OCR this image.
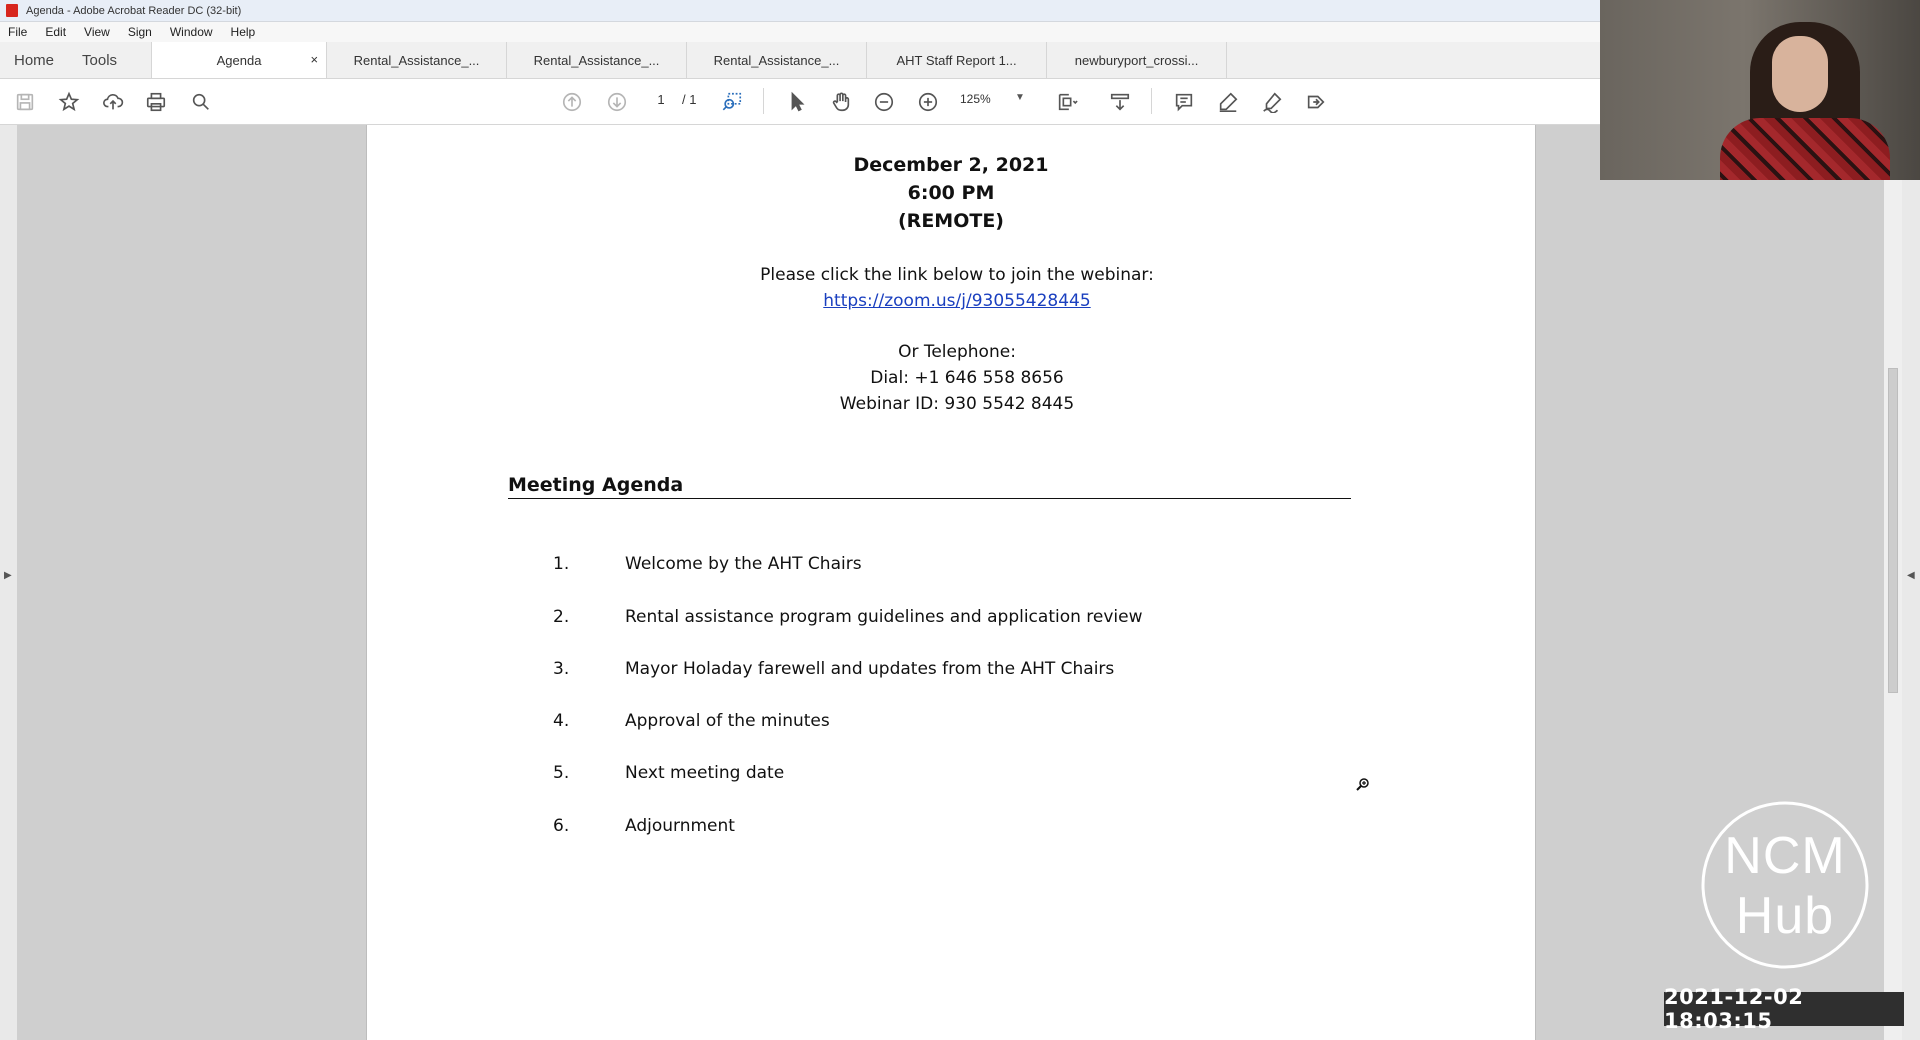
Agenda - Adobe Acrobat Reader DC (32-bit)
File Edit View Sign Window Help
Home	Tools	Agenda	×	Rental_Assistance_...	Rental_Assistance_...	Rental_Assistance_...	AHT Staff Report 1...	newburyport_crossi...
1	/ 1	125% ▼
▶	◀
December 2, 2021
6:00 PM
(REMOTE)
Please click the link below to join the webinar:
https://zoom.us/j/93055428445
Or Telephone:
Dial: +1 646 558 8656
Webinar ID: 930 5542 8445
Meeting Agenda
1.	Welcome by the AHT Chairs
2.	Rental assistance program guidelines and application review
3.	Mayor Holaday farewell and updates from the AHT Chairs
4.	Approval of the minutes
5.	Next meeting date
6.	Adjournment
NCM
Hub
2021-12-02 18:03:15
